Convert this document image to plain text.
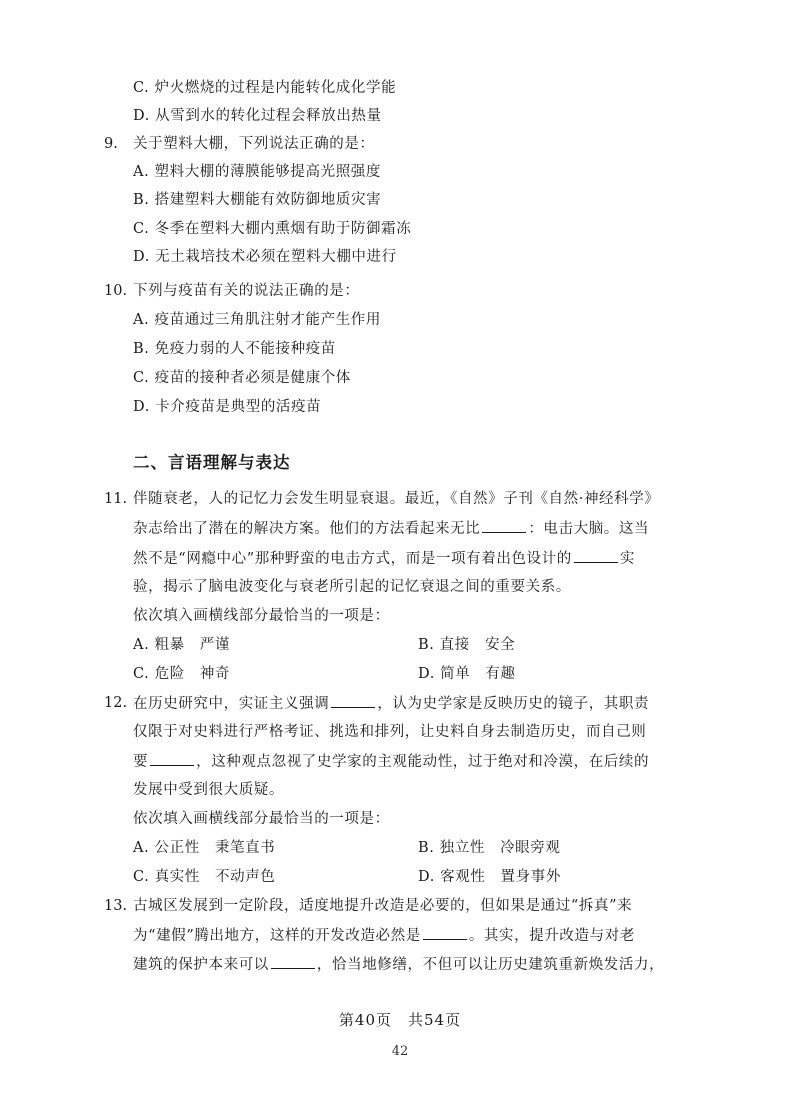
C. 炉火燃烧的过程是内能转化成化学能
D. 从雪到水的转化过程会释放出热量
9. 关于塑料大棚，下列说法正确的是：
A. 塑料大棚的薄膜能够提高光照强度
B. 搭建塑料大棚能有效防御地质灾害
C. 冬季在塑料大棚内熏烟有助于防御霜冻
D. 无土栽培技术必须在塑料大棚中进行
10. 下列与疫苗有关的说法正确的是：
A. 疫苗通过三角肌注射才能产生作用
B. 免疫力弱的人不能接种疫苗
C. 疫苗的接种者必须是健康个体
D. 卡介疫苗是典型的活疫苗
二、言语理解与表达
11. 伴随衰老，人的记忆力会发生明显衰退。最近，《自然》子刊《自然·神经科学》
杂志给出了潜在的解决方案。他们的方法看起来无比	：电击大脑。这当
然不是“网瘾中心”那种野蛮的电击方式，而是一项有着出色设计的	实
验，揭示了脑电波变化与衰老所引起的记忆衰退之间的重要关系。
依次填入画横线部分最恰当的一项是：
A. 粗暴　严谨	B. 直接　安全
C. 危险　神奇	D. 简单　有趣
12. 在历史研究中，实证主义强调	，认为史学家是反映历史的镜子，其职责
仅限于对史料进行严格考证、挑选和排列，让史料自身去制造历史，而自己则
要	，这种观点忽视了史学家的主观能动性，过于绝对和冷漠，在后续的
发展中受到很大质疑。
依次填入画横线部分最恰当的一项是：
A. 公正性　秉笔直书	B. 独立性　冷眼旁观
C. 真实性　不动声色	D. 客观性　置身事外
13. 古城区发展到一定阶段，适度地提升改造是必要的，但如果是通过“拆真”来
为“建假”腾出地方，这样的开发改造必然是	。其实，提升改造与对老
建筑的保护本来可以	，恰当地修缮，不但可以让历史建筑重新焕发活力，
第40页　共54页
42
